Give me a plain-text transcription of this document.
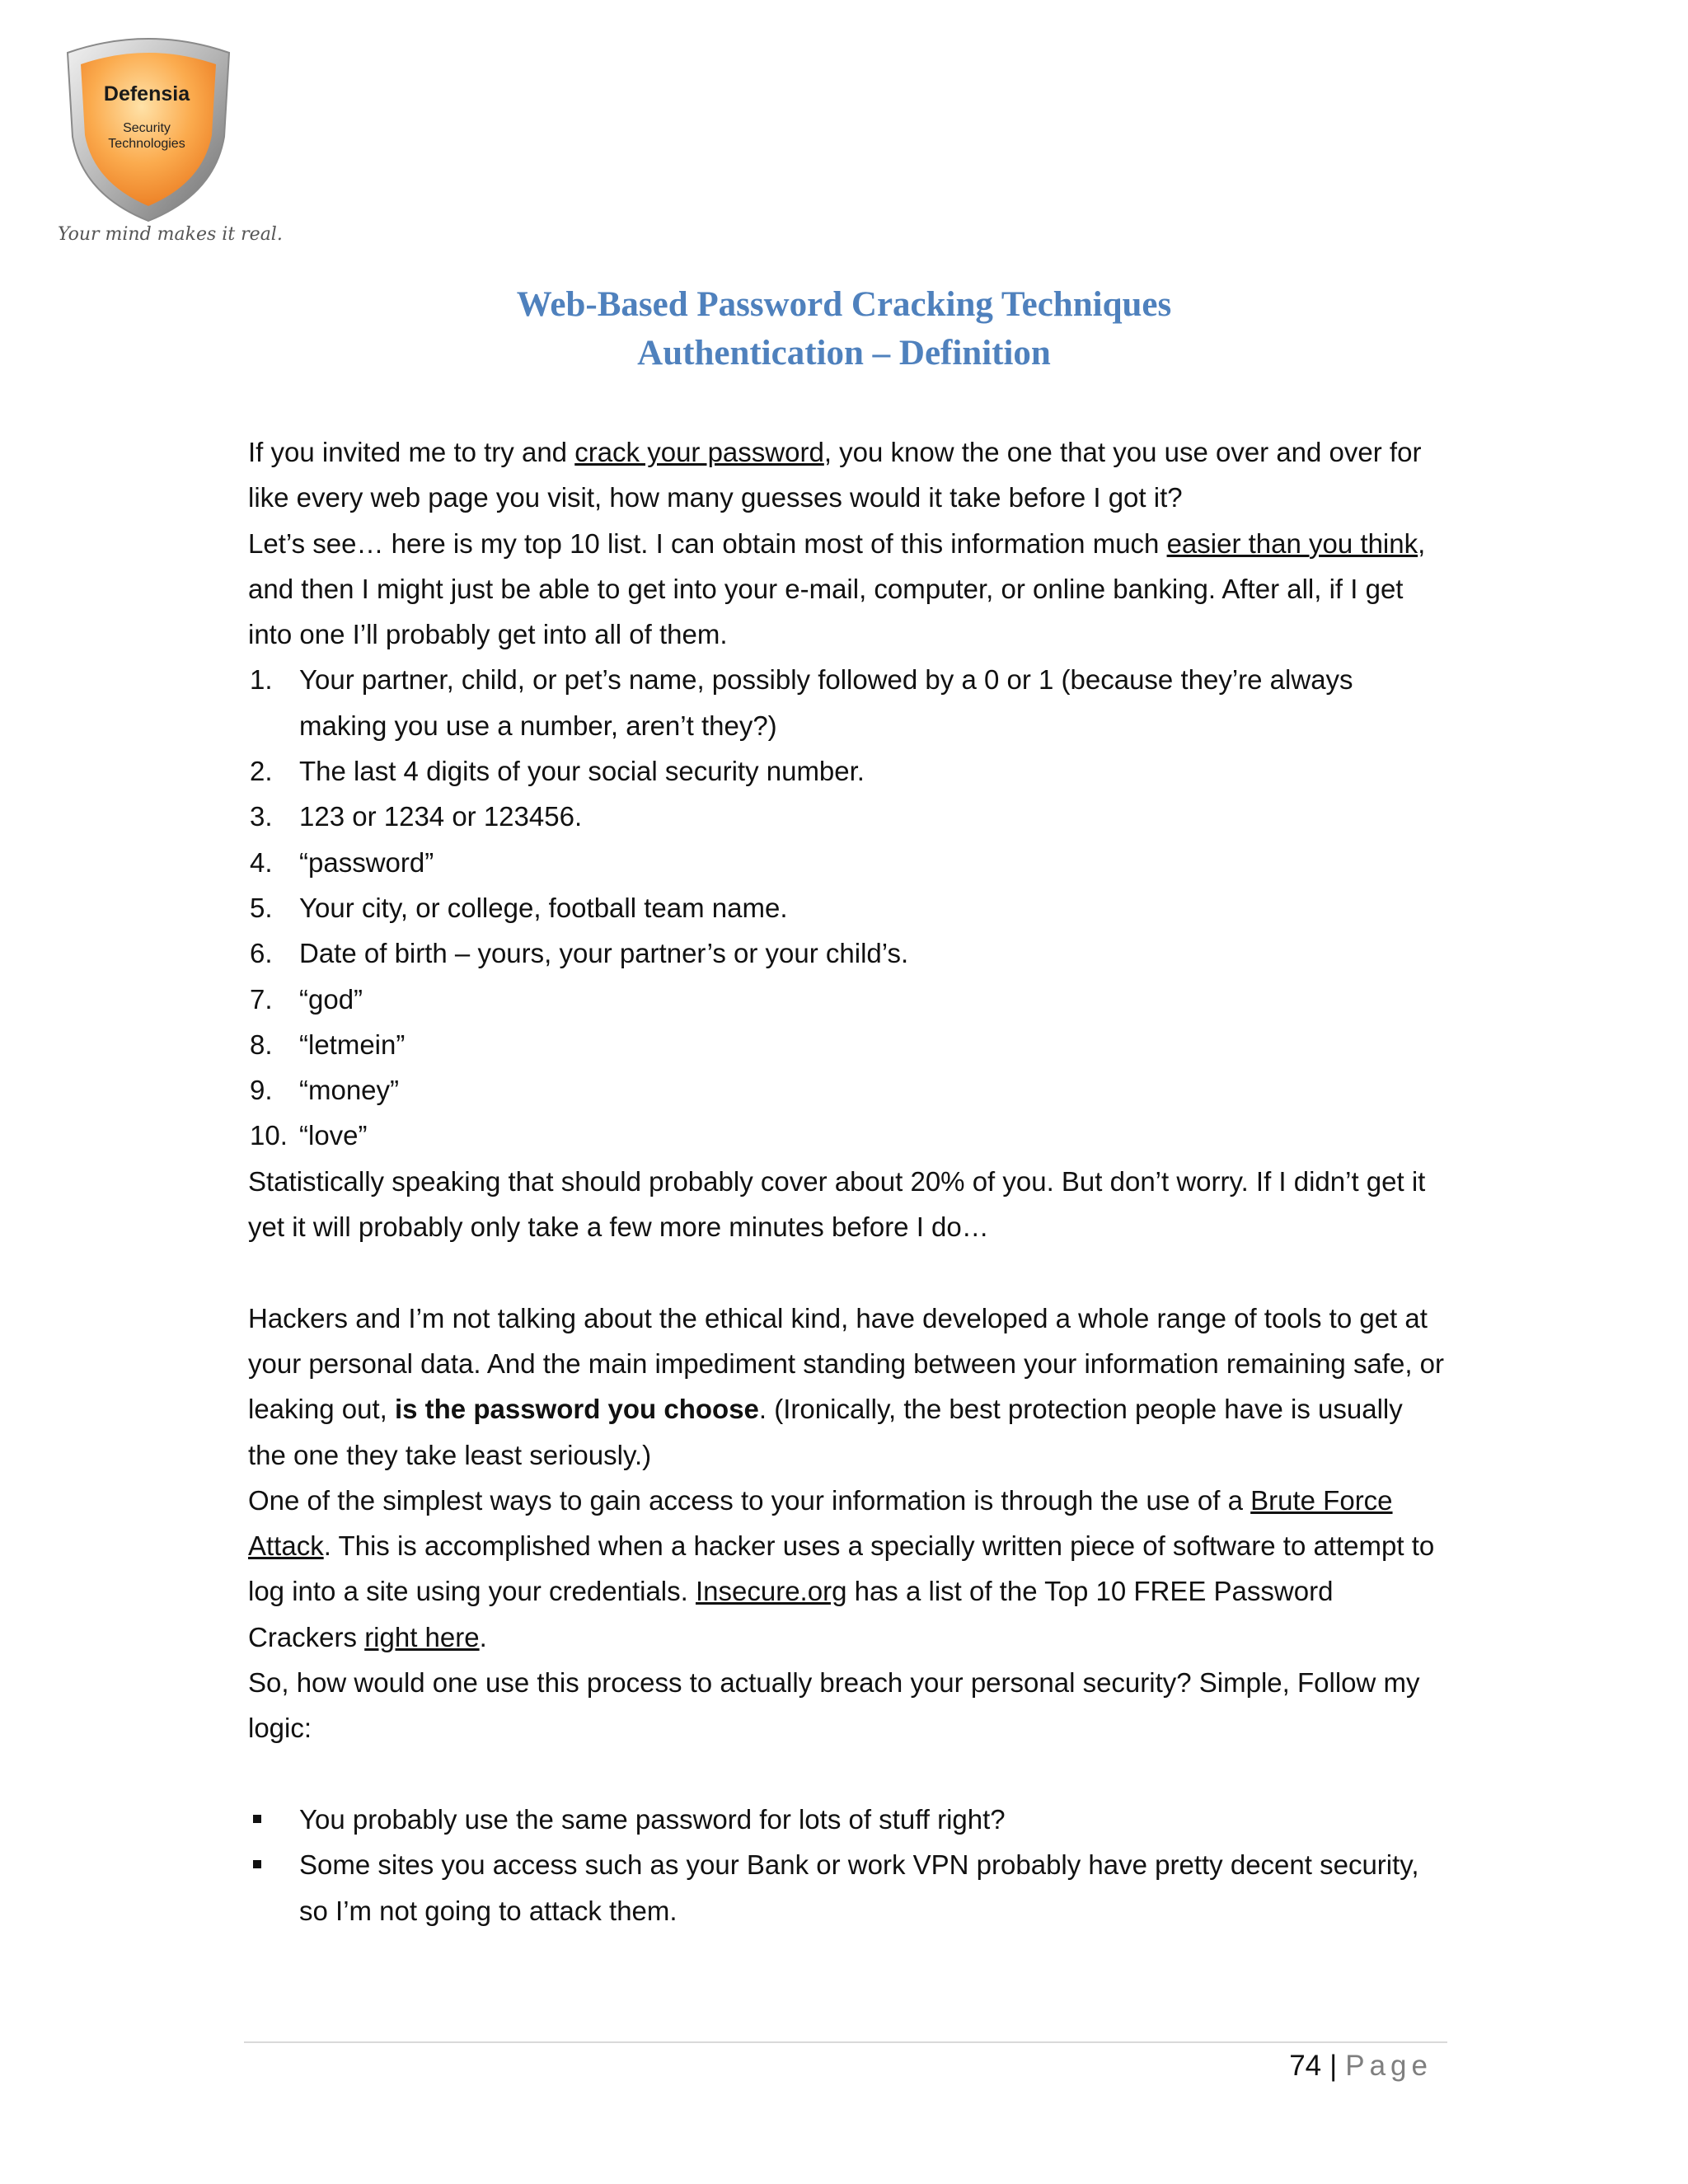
Defensia
Security
Technologies
Your mind makes it real.
Web-Based Password Cracking Techniques
Authentication – Definition

If you invited me to try and crack your password, you know the one that you use over and over for like every web page you visit, how many guesses would it take before I got it?

Let’s see… here is my top 10 list. I can obtain most of this information much easier than you think, and then I might just be able to get into your e-mail, computer, or online banking. After all, if I get into one I’ll probably get into all of them.

1. Your partner, child, or pet’s name, possibly followed by a 0 or 1 (because they’re always making you use a number, aren’t they?)
2. The last 4 digits of your social security number.
3. 123 or 1234 or 123456.
4. “password”
5. Your city, or college, football team name.
6. Date of birth – yours, your partner’s or your child’s.
7. “god”
8. “letmein”
9. “money”
10. “love”

Statistically speaking that should probably cover about 20% of you. But don’t worry. If I didn’t get it yet it will probably only take a few more minutes before I do…

Hackers and I’m not talking about the ethical kind, have developed a whole range of tools to get at your personal data. And the main impediment standing between your information remaining safe, or leaking out, is the password you choose. (Ironically, the best protection people have is usually the one they take least seriously.)

One of the simplest ways to gain access to your information is through the use of a Brute Force Attack. This is accomplished when a hacker uses a specially written piece of software to attempt to log into a site using your credentials. Insecure.org has a list of the Top 10 FREE Password Crackers right here.

So, how would one use this process to actually breach your personal security? Simple, Follow my logic:

You probably use the same password for lots of stuff right?
Some sites you access such as your Bank or work VPN probably have pretty decent security, so I’m not going to attack them.
74 | Page
